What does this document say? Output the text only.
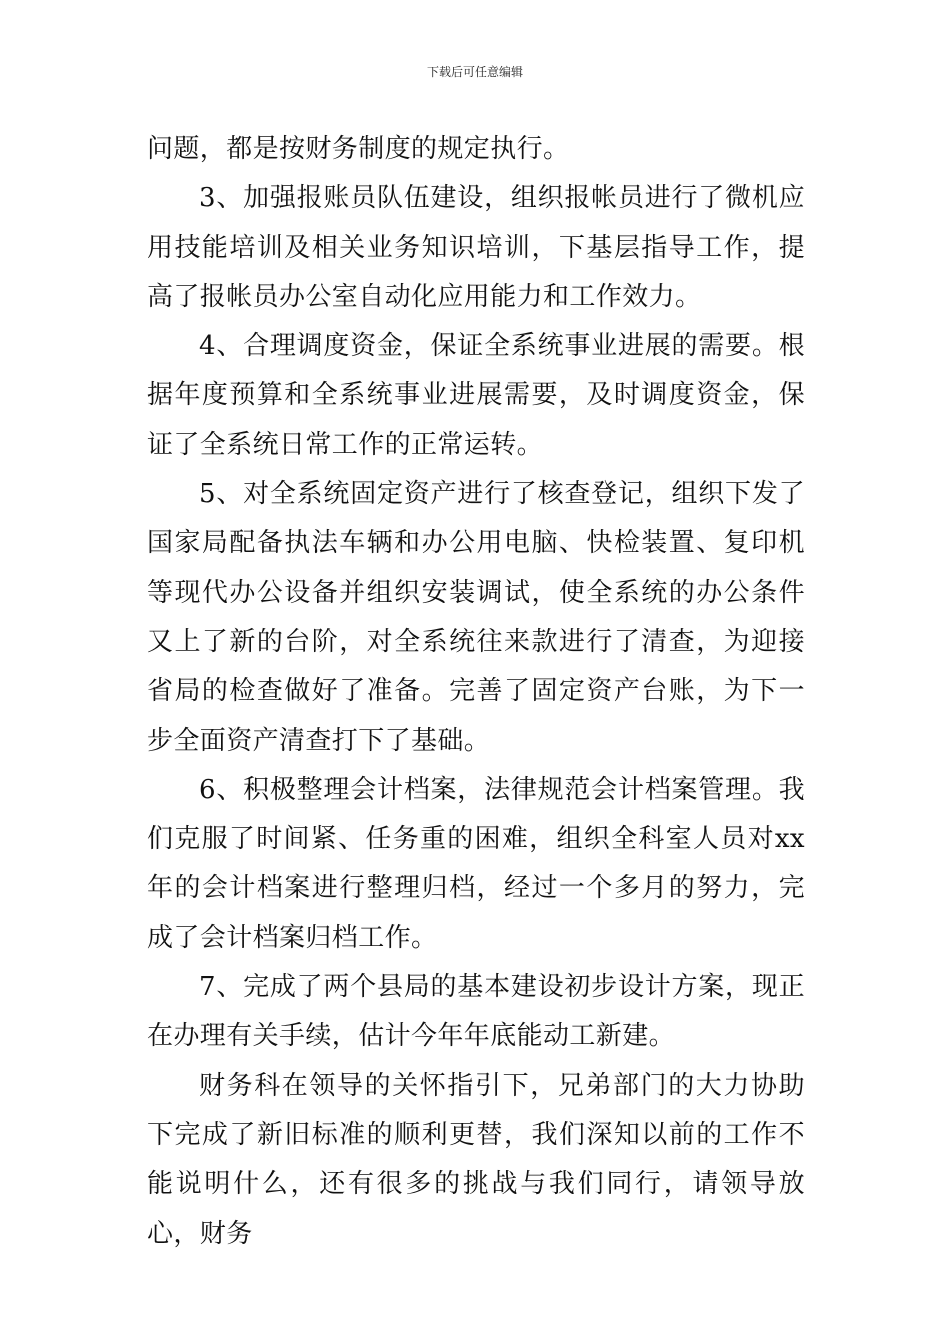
下载后可任意编辑

问题，都是按财务制度的规定执行。

3、加强报账员队伍建设，组织报帐员进行了微机应用技能培训及相关业务知识培训，下基层指导工作，提高了报帐员办公室自动化应用能力和工作效力。

4、合理调度资金，保证全系统事业进展的需要。根据年度预算和全系统事业进展需要，及时调度资金，保证了全系统日常工作的正常运转。

5、对全系统固定资产进行了核查登记，组织下发了国家局配备执法车辆和办公用电脑、快检装置、复印机等现代办公设备并组织安装调试，使全系统的办公条件又上了新的台阶，对全系统往来款进行了清查，为迎接省局的检查做好了准备。完善了固定资产台账，为下一步全面资产清查打下了基础。

6、积极整理会计档案，法律规范会计档案管理。我们克服了时间紧、任务重的困难，组织全科室人员对xx年的会计档案进行整理归档，经过一个多月的努力，完成了会计档案归档工作。

7、完成了两个县局的基本建设初步设计方案，现正在办理有关手续，估计今年年底能动工新建。

财务科在领导的关怀指引下，兄弟部门的大力协助下完成了新旧标准的顺利更替，我们深知以前的工作不能说明什么，还有很多的挑战与我们同行，请领导放心，财务
